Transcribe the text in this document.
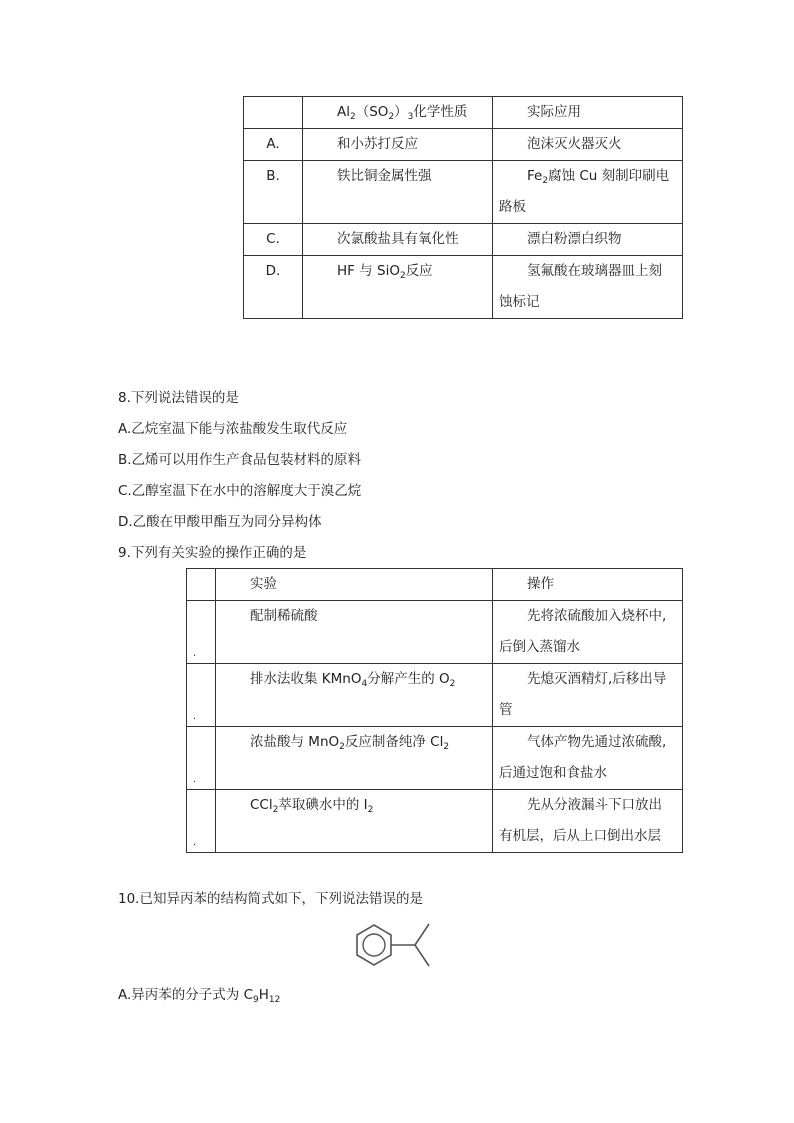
	$Al_2(SO_2)_3$化学性质	实际应用
A.	和小苏打反应	泡沫灭火器灭火
B.	铁比铜金属性强	$Fe_2$腐蚀 Cu 刻制印刷电
路板

C.	次氯酸盐具有氧化性	漂白粉漂白织物
D.	HF 与 SiO$_2$反应	氢氟酸在玻璃器皿上刻
蚀标记
8.下列说法错误的是
A.乙烷室温下能与浓盐酸发生取代反应
B.乙烯可以用作生产食品包装材料的原料
C.乙醇室温下在水中的溶解度大于溴乙烷
D.乙酸在甲酸甲酯互为同分异构体
9.下列有关实验的操作正确的是
	实验	操作

.	配制稀硫酸	先将浓硫酸加入烧杯中,
后倒入蒸馏水

.	排水法收集 KMnO$_4$分解产生的 $O_2$	先熄灭酒精灯,后移出导
管

.	浓盐酸与 MnO$_2$反应制备纯净 $Cl_2$	气体产物先通过浓硫酸,
后通过饱和食盐水

.	CCl$_2$萃取碘水中的 $I_2$	先从分液漏斗下口放出
有机层，后从上口倒出水层
10.已知异丙苯的结构简式如下，下列说法错误的是
A.异丙苯的分子式为 $C_9H_{12}$
